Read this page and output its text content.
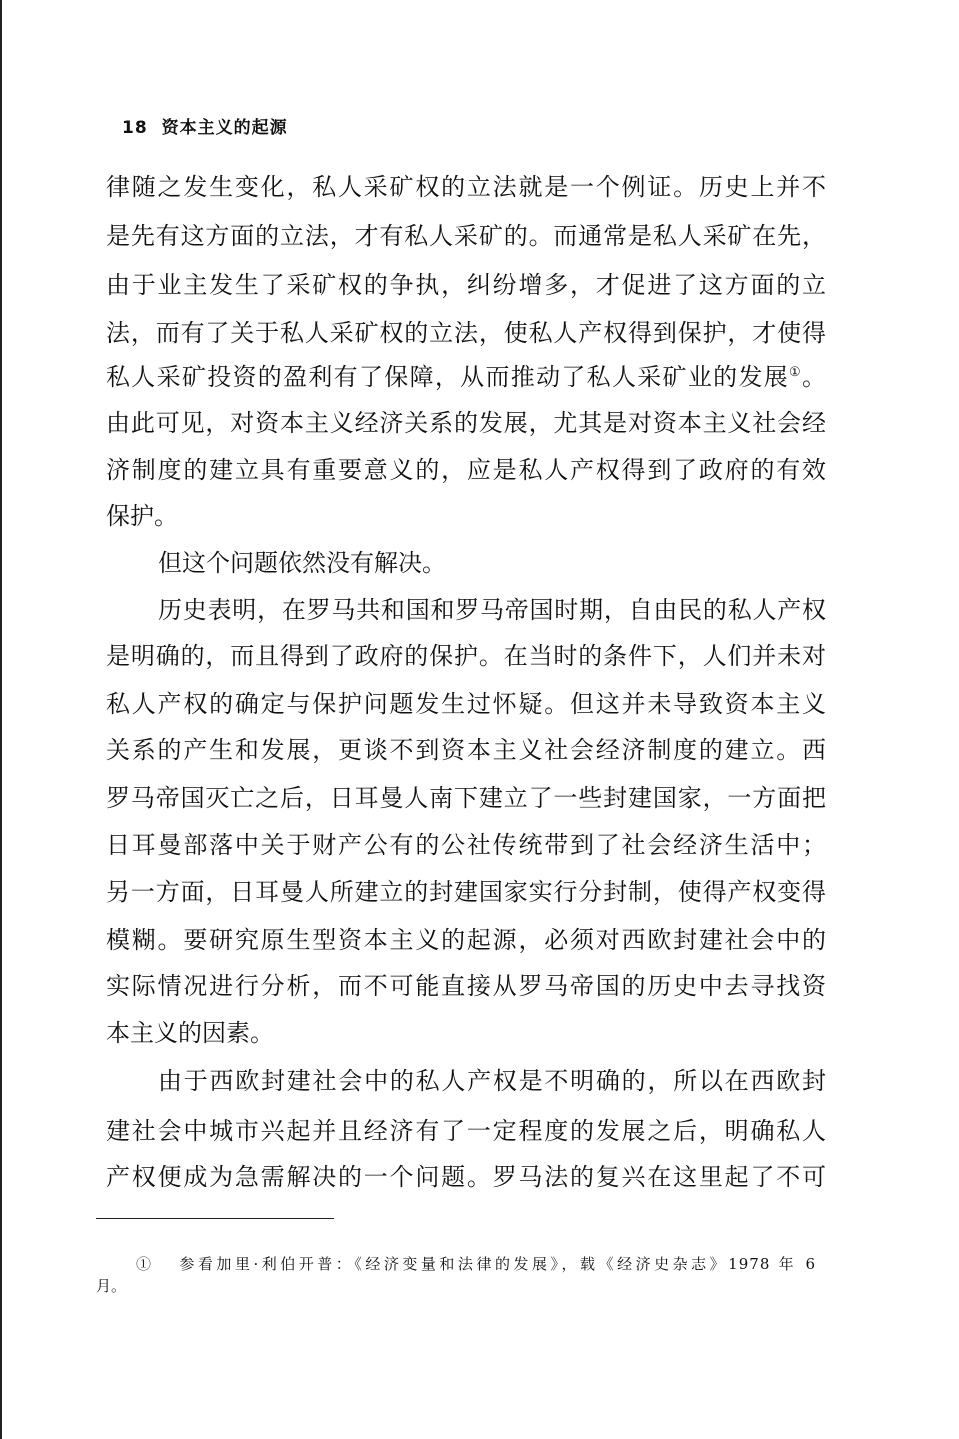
18 资本主义的起源
律随之发生变化，私人采矿权的立法就是一个例证。历史上并不
是先有这方面的立法，才有私人采矿的。而通常是私人采矿在先，
由于业主发生了采矿权的争执，纠纷增多，才促进了这方面的立
法，而有了关于私人采矿权的立法，使私人产权得到保护，才使得
私人采矿投资的盈利有了保障，从而推动了私人采矿业的发展①。
由此可见，对资本主义经济关系的发展，尤其是对资本主义社会经
济制度的建立具有重要意义的，应是私人产权得到了政府的有效
保护。
但这个问题依然没有解决。
历史表明，在罗马共和国和罗马帝国时期，自由民的私人产权
是明确的，而且得到了政府的保护。在当时的条件下，人们并未对
私人产权的确定与保护问题发生过怀疑。但这并未导致资本主义
关系的产生和发展，更谈不到资本主义社会经济制度的建立。西
罗马帝国灭亡之后，日耳曼人南下建立了一些封建国家，一方面把
日耳曼部落中关于财产公有的公社传统带到了社会经济生活中；
另一方面，日耳曼人所建立的封建国家实行分封制，使得产权变得
模糊。要研究原生型资本主义的起源，必须对西欧封建社会中的
实际情况进行分析，而不可能直接从罗马帝国的历史中去寻找资
本主义的因素。
由于西欧封建社会中的私人产权是不明确的，所以在西欧封
建社会中城市兴起并且经济有了一定程度的发展之后，明确私人
产权便成为急需解决的一个问题。罗马法的复兴在这里起了不可
① 参看加里·利伯开普：《经济变量和法律的发展》，载《经济史杂志》1978 年 6
月。
